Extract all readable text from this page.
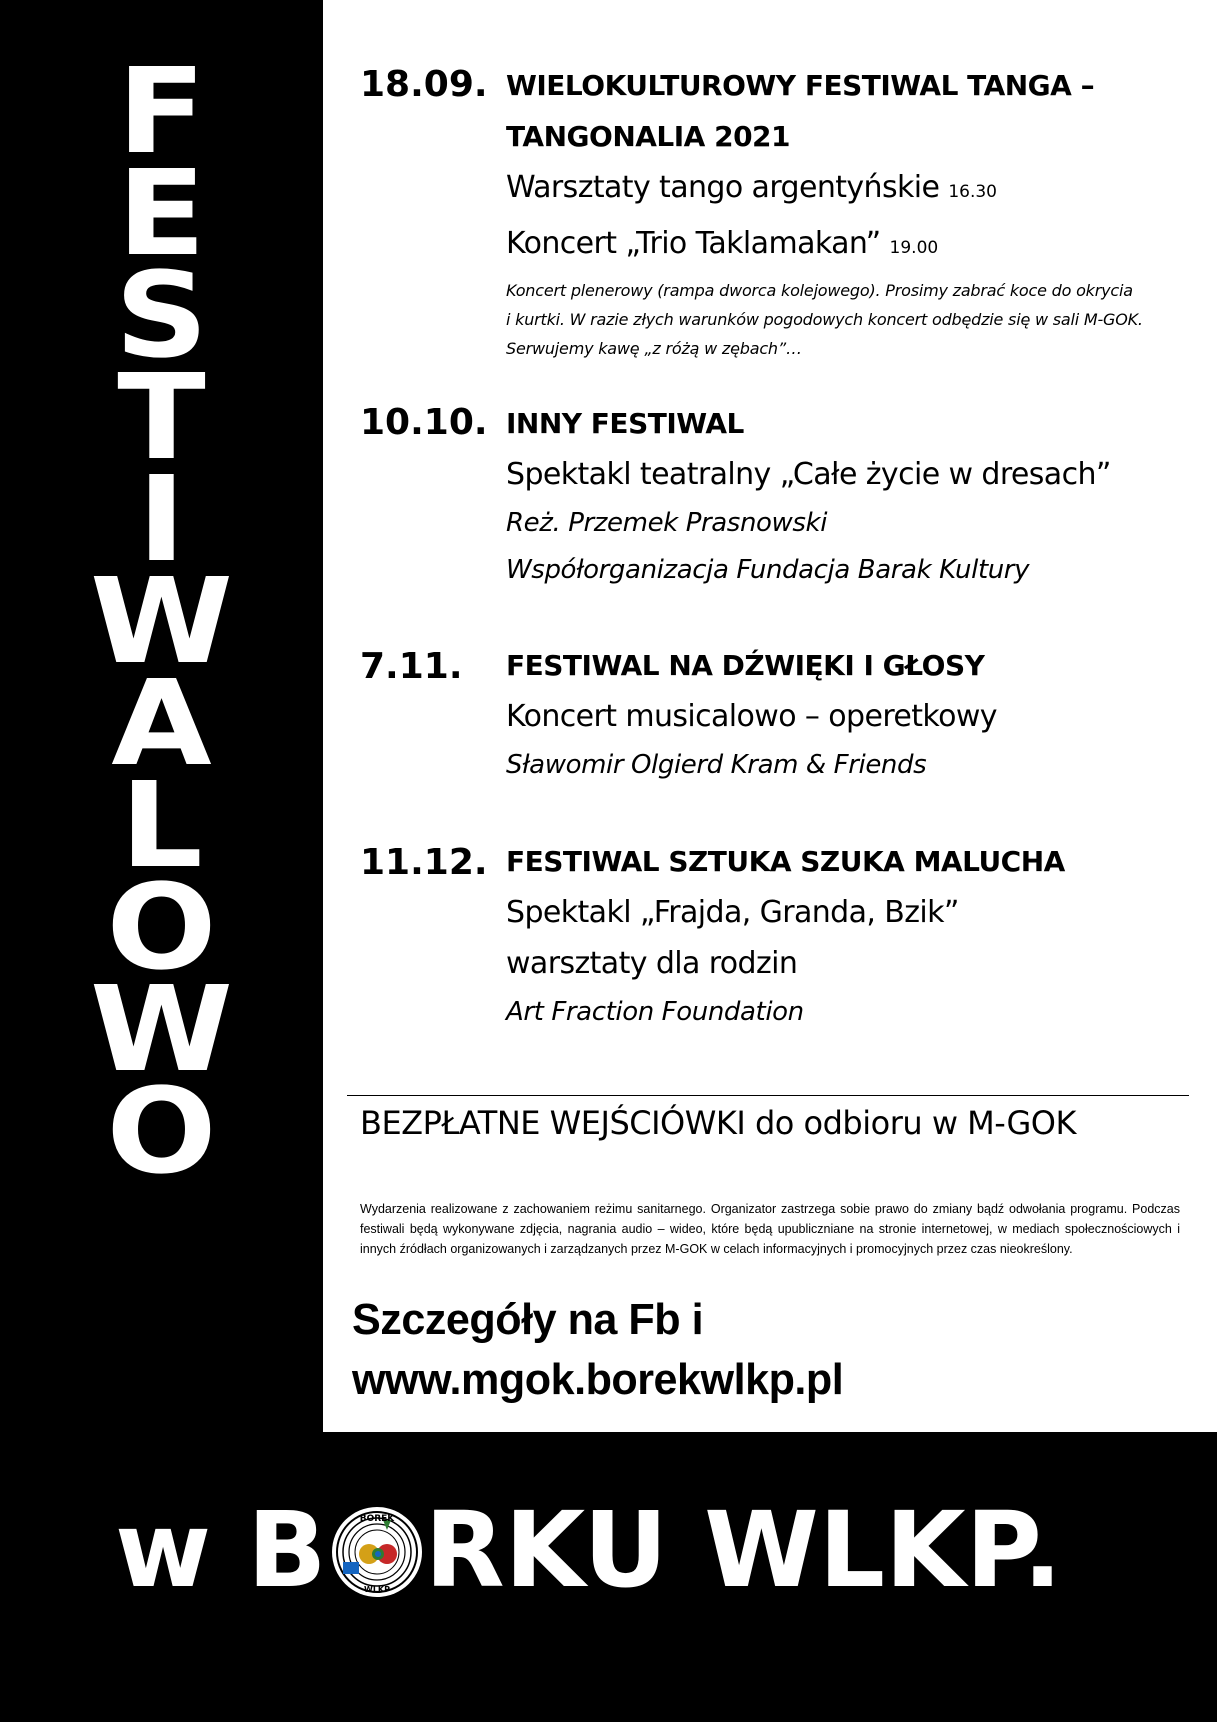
F
E
S
T
I
W
A
L
O
W
O
18.09. WIELOKULTUROWY FESTIWAL TANGA –
TANGONALIA 2021
Warsztaty tango argentyńskie 16.30
Koncert „Trio Taklamakan” 19.00
Koncert plenerowy (rampa dworca kolejowego). Prosimy zabrać koce do okrycia
i kurtki. W razie złych warunków pogodowych koncert odbędzie się w sali M-GOK.
Serwujemy kawę „z różą w zębach”…
10.10. INNY FESTIWAL
Spektakl teatralny „Całe życie w dresach”
Reż. Przemek Prasnowski
Współorganizacja Fundacja Barak Kultury
7.11. FESTIWAL NA DŹWIĘKI I GŁOSY
Koncert musicalowo – operetkowy
Sławomir Olgierd Kram & Friends
11.12. FESTIWAL SZTUKA SZUKA MALUCHA
Spektakl „Frajda, Granda, Bzik”
warsztaty dla rodzin
Art Fraction Foundation
BEZPŁATNE WEJŚCIÓWKI do odbioru w M-GOK
Wydarzenia realizowane z zachowaniem reżimu sanitarnego. Organizator zastrzega sobie prawo do zmiany bądź odwołania programu. Podczas festiwali będą wykonywane zdjęcia, nagrania audio – wideo, które będą upubliczniane na stronie internetowej, w mediach społecznościowych i innych źródłach organizowanych i zarządzanych przez M-GOK w celach informacyjnych i promocyjnych przez czas nieokreślony.
Szczegóły na Fb i www.mgok.borekwlkp.pl
w B	BOREK
WLKP RKU WLKP.
